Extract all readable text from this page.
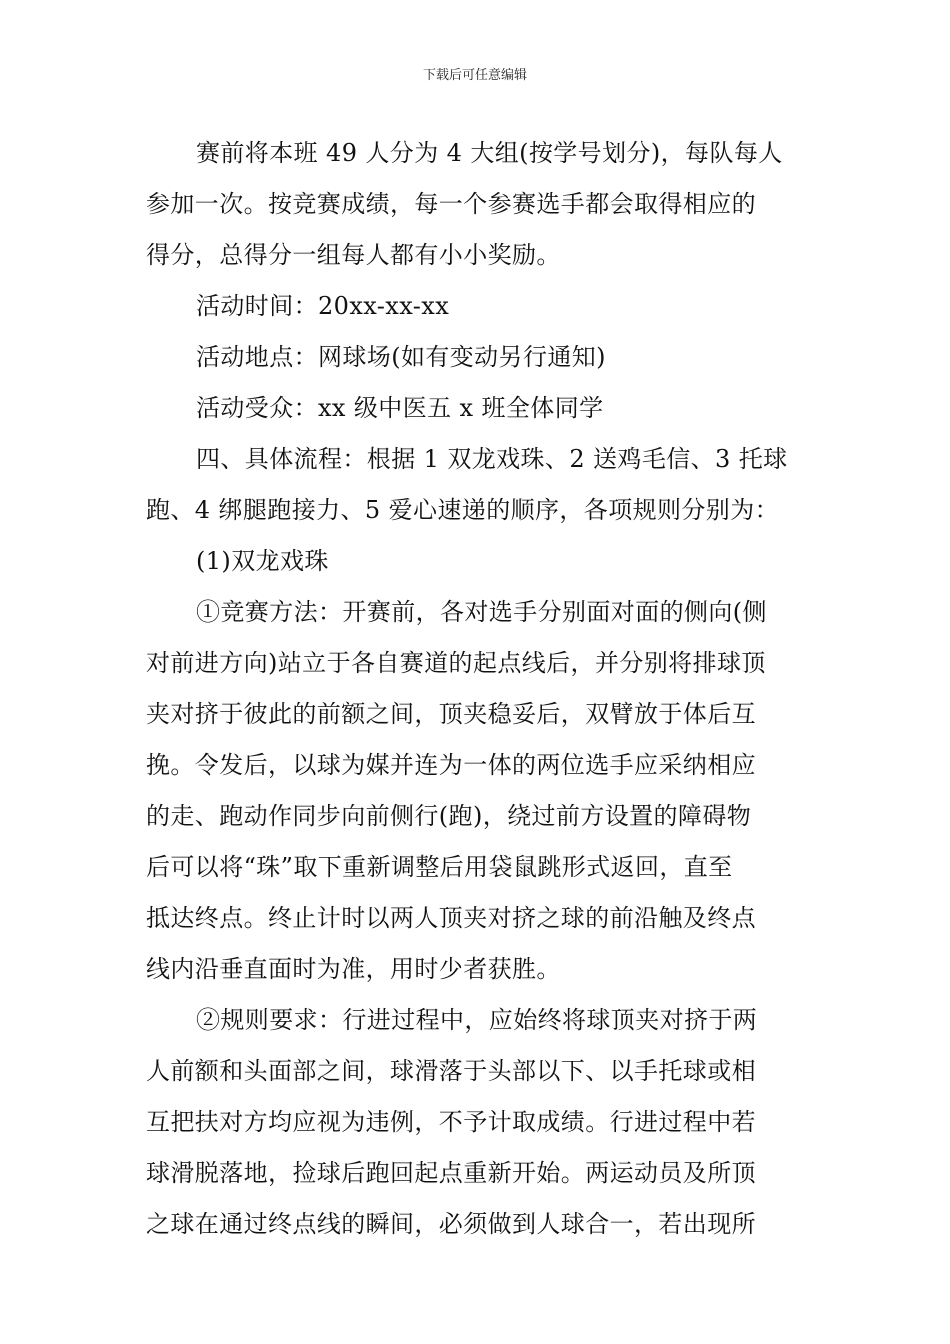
下载后可任意编辑

赛前将本班 49 人分为 4 大组(按学号划分)，每队每人

参加一次。按竞赛成绩，每一个参赛选手都会取得相应的

得分，总得分一组每人都有小小奖励。

活动时间：20xx-xx-xx

活动地点：网球场(如有变动另行通知)

活动受众：xx 级中医五 x 班全体同学

四、具体流程：根据 1 双龙戏珠、2 送鸡毛信、3 托球

跑、4 绑腿跑接力、5 爱心速递的顺序，各项规则分别为：

(1)双龙戏珠

①竞赛方法：开赛前，各对选手分别面对面的侧向(侧

对前进方向)站立于各自赛道的起点线后，并分别将排球顶

夹对挤于彼此的前额之间，顶夹稳妥后，双臂放于体后互

挽。令发后，以球为媒并连为一体的两位选手应采纳相应

的走、跑动作同步向前侧行(跑)，绕过前方设置的障碍物

后可以将“珠”取下重新调整后用袋鼠跳形式返回，直至

抵达终点。终止计时以两人顶夹对挤之球的前沿触及终点

线内沿垂直面时为准，用时少者获胜。

②规则要求：行进过程中，应始终将球顶夹对挤于两

人前额和头面部之间，球滑落于头部以下、以手托球或相

互把扶对方均应视为违例，不予计取成绩。行进过程中若

球滑脱落地，捡球后跑回起点重新开始。两运动员及所顶

之球在通过终点线的瞬间，必须做到人球合一，若出现所
